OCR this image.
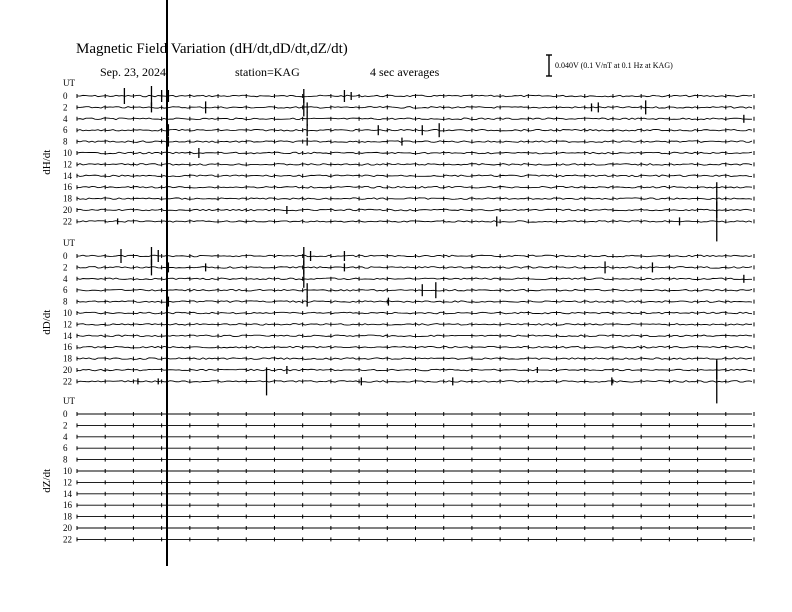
Magnetic Field Variation (dH/dt,dD/dt,dZ/dt)
Sep. 23, 2024	station=KAG	4 sec averages	0.040V (0.1 V/nT at 0.1 Hz at KAG)
UT
dH/dt
0
2
4
6
8
10
12
14
16
18
20
22
UT
dD/dt
0
2
4
6
8
10
12
14
16
18
20
22
UT
dZ/dt
0
2
4
6
8
10
12
14
16
18
20
22
